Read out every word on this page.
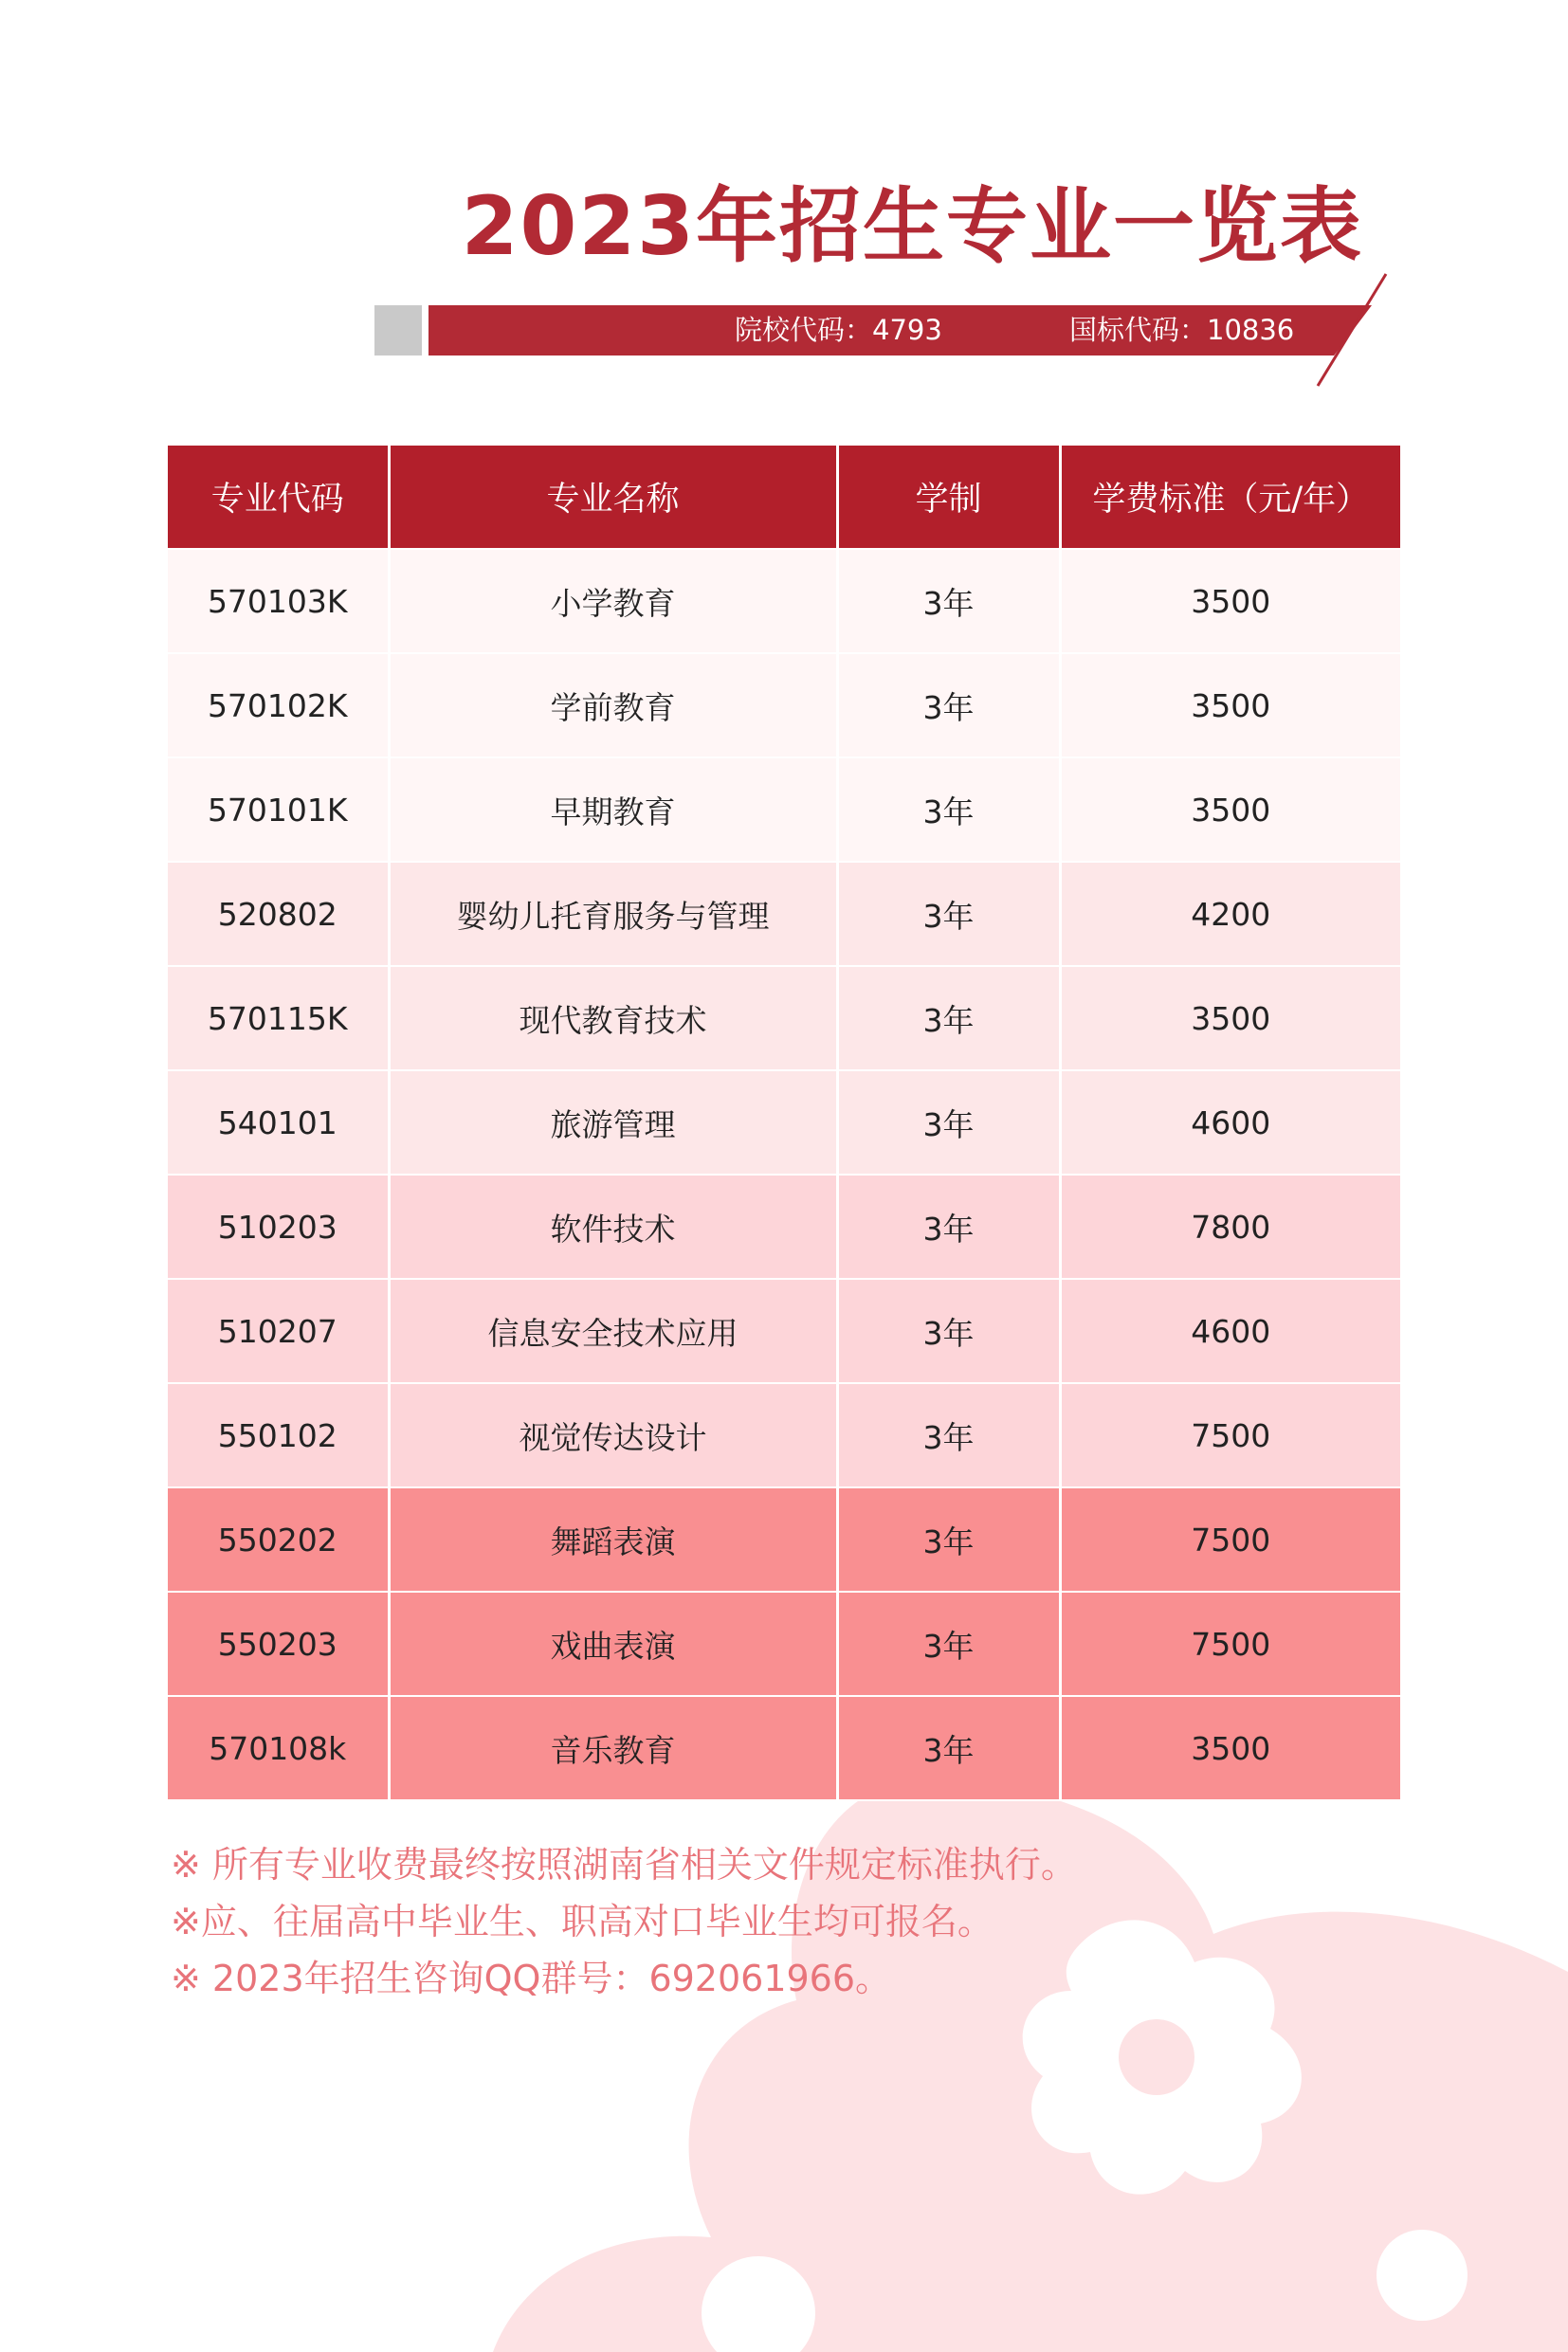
2023年招生专业一览表
院校代码：4793	国标代码：10836
专业代码	专业名称	学制	学费标准（元/年）
570103K	小学教育	3年	3500
570102K	学前教育	3年	3500
570101K	早期教育	3年	3500
520802	婴幼儿托育服务与管理	3年	4200
570115K	现代教育技术	3年	3500
540101	旅游管理	3年	4600
510203	软件技术	3年	7800
510207	信息安全技术应用	3年	4600
550102	视觉传达设计	3年	7500
550202	舞蹈表演	3年	7500
550203	戏曲表演	3年	7500
570108k	音乐教育	3年	3500
※ 所有专业收费最终按照湖南省相关文件规定标准执行。
※应、往届高中毕业生、职高对口毕业生均可报名。
※ 2023年招生咨询QQ群号：692061966。
